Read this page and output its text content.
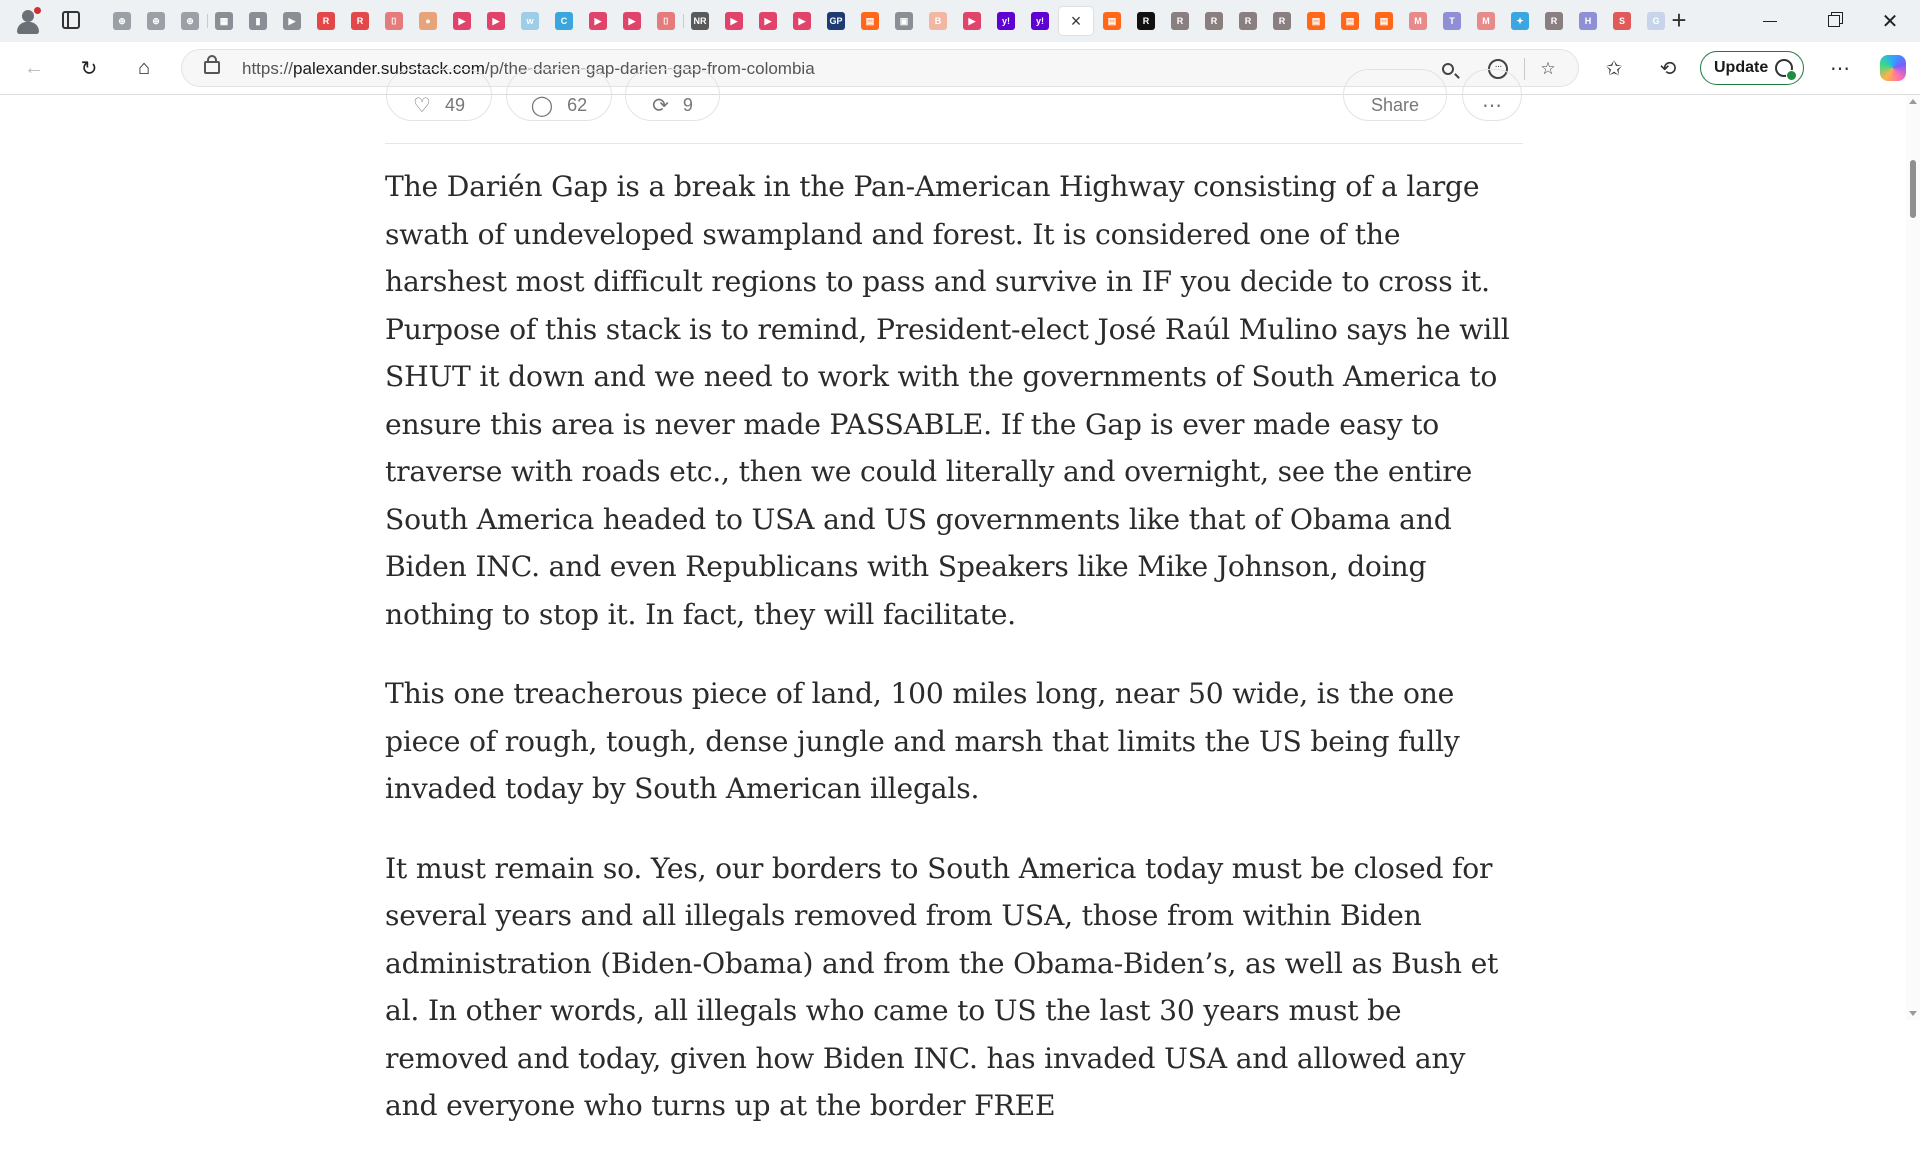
⊕	⊕	⊕	▦	▮	▶	R	R	⌷	●	▶	▶	w	C	▶	▶	⌷	NR	▶	▶	▶	GP	▤	▣	B	▶	y!	y! ×	▤	R	R	R	R	R	▤	▤	▤	M	T	M	✦	R	H	S	G +	✕
← ↻	⌂	https://palexander.substack.com/p/the-darien-gap-darien-gap-from-colombia	···	☆ ✩ ⟲	Update	⋯
♡ 49	◯ 62	⟳ 9	Share	⋯

The Darién Gap is a break in the Pan-American Highway consisting of a large swath of undeveloped swampland and forest. It is considered one of the harshest most difficult regions to pass and survive in IF you decide to cross it. Purpose of this stack is to remind, President-elect José Raúl Mulino says he will SHUT it down and we need to work with the governments of South America to ensure this area is never made PASSABLE. If the Gap is ever made easy to traverse with roads etc., then we could literally and overnight, see the entire South America headed to USA and US governments like that of Obama and Biden INC. and even Republicans with Speakers like Mike Johnson, doing nothing to stop it. In fact, they will facilitate.

This one treacherous piece of land, 100 miles long, near 50 wide, is the one piece of rough, tough, dense jungle and marsh that limits the US being fully invaded today by South American illegals.

It must remain so. Yes, our borders to South America today must be closed for several years and all illegals removed from USA, those from within Biden administration (Biden-Obama) and from the Obama-Biden’s, as well as Bush et al. In other words, all illegals who came to US the last 30 years must be removed and today, given how Biden INC. has invaded USA and allowed any and everyone who turns up at the border FREE
